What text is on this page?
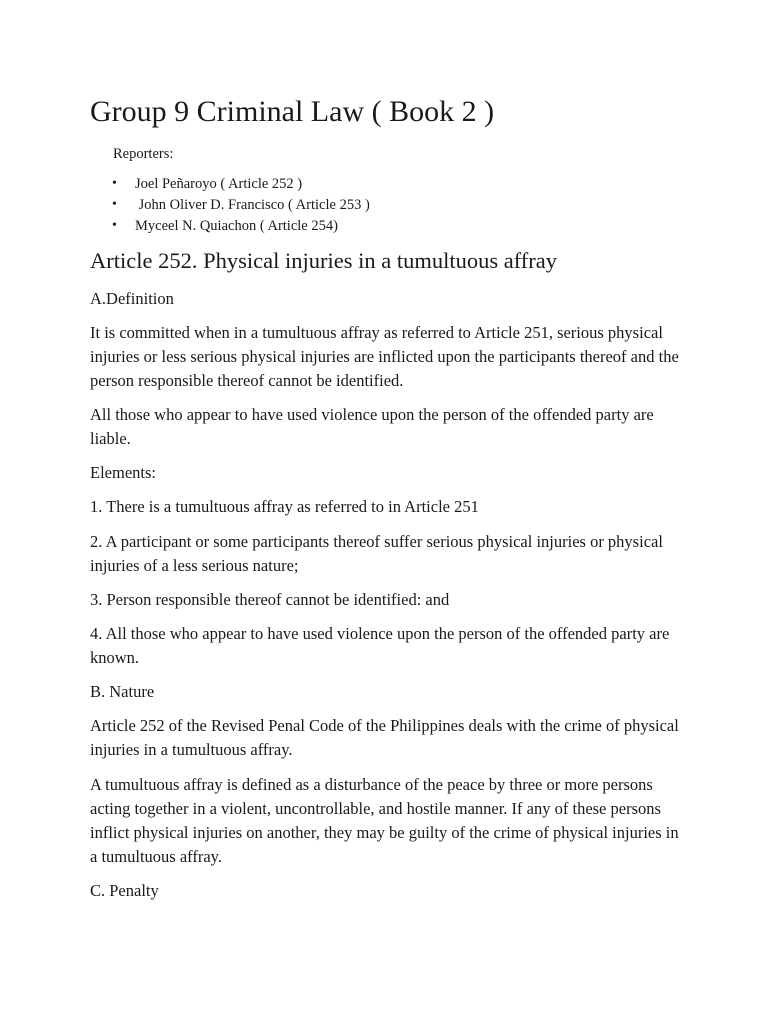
Group 9 Criminal Law ( Book 2 )

Reporters:

•

Joel Peñaroyo ( Article 252 )

•

John Oliver D. Francisco ( Article 253 )

•

Myceel N. Quiachon ( Article 254)

Article 252. Physical injuries in a tumultuous affray

A.Definition

It is committed when in a tumultuous affray as referred to Article 251, serious physical injuries or less serious physical injuries are inflicted upon the participants thereof and the person responsible thereof cannot be identified.

All those who appear to have used violence upon the person of the offended party are liable.

Elements:

1. There is a tumultuous affray as referred to in Article 251

2. A participant or some participants thereof suffer serious physical injuries or physical injuries of a less serious nature;

3. Person responsible thereof cannot be identified: and

4. All those who appear to have used violence upon the person of the offended party are known.

B. Nature

Article 252 of the Revised Penal Code of the Philippines deals with the crime of physical injuries in a tumultuous affray.

A tumultuous affray is defined as a disturbance of the peace by three or more persons acting together in a violent, uncontrollable, and hostile manner. If any of these persons inflict physical injuries on another, they may be guilty of the crime of physical injuries in a tumultuous affray.

C. Penalty
